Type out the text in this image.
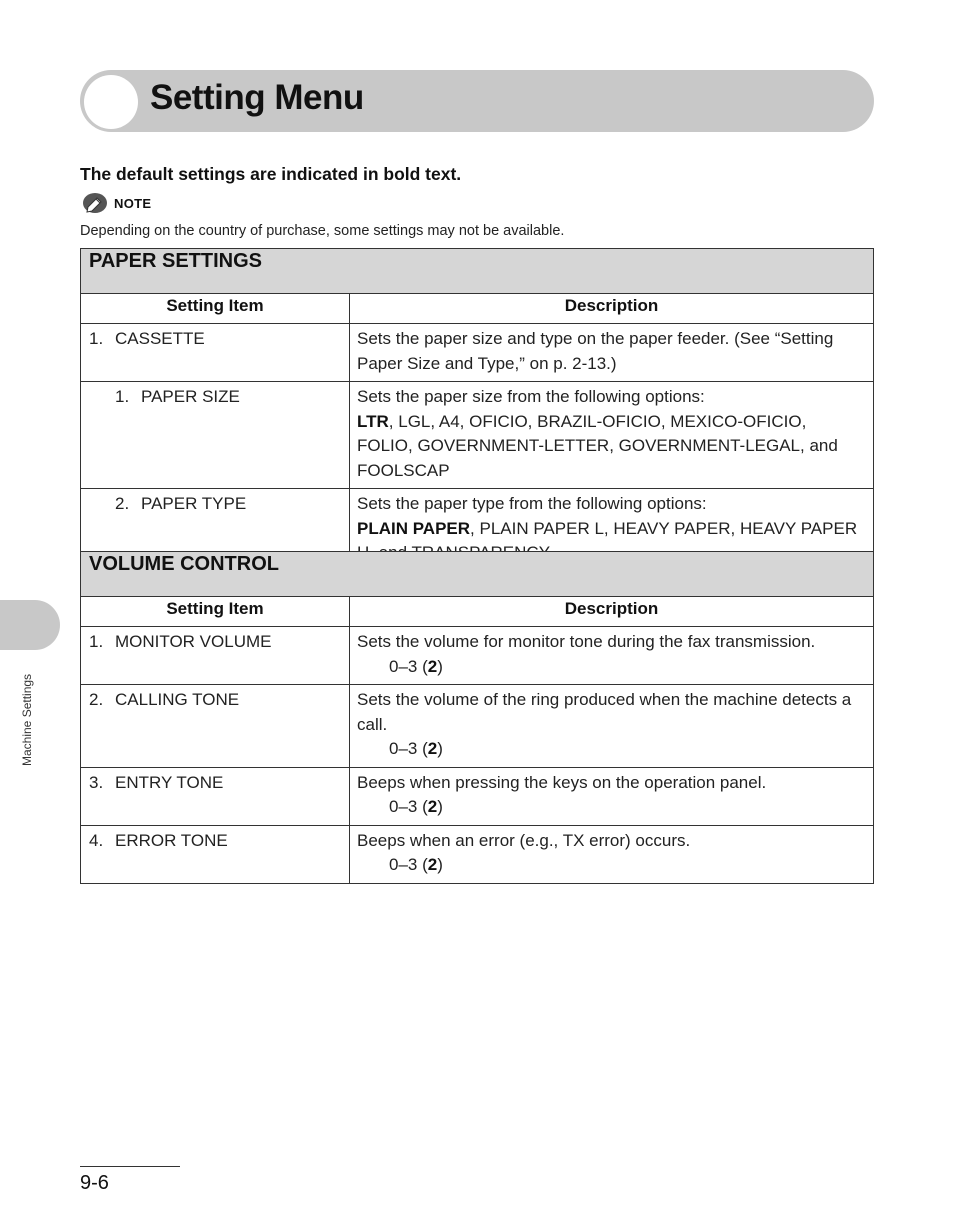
Setting Menu

The default settings are indicated in bold text.

NOTE

Depending on the country of purchase, some settings may not be available.

PAPER SETTINGS	
Setting Item	Description
1. CASSETTE	Sets the paper size and type on the paper feeder. (See “Setting Paper Size and Type,” on p. 2-13.)
1. PAPER SIZE	Sets the paper size from the following options:
LTR, LGL, A4, OFICIO, BRAZIL-OFICIO, MEXICO-OFICIO, FOLIO, GOVERNMENT-LETTER, GOVERNMENT-LEGAL, and FOOLSCAP

2. PAPER TYPE	Sets the paper type from the following options:
PLAIN PAPER, PLAIN PAPER L, HEAVY PAPER, HEAVY PAPER
VOLUME CONTROL	
Setting Item	Description
1. MONITOR VOLUME	Sets the volume for monitor tone during the fax transmission.
0–3 (2)

2. CALLING TONE	Sets the volume of the ring produced when the machine detects a call.
0–3 (2)

3. ENTRY TONE	Beeps when pressing the keys on the operation panel.
0–3 (2)

4. ERROR TONE	Beeps when an error (e.g., TX error) occurs.
0–3 (2)
Machine Settings
9-6
